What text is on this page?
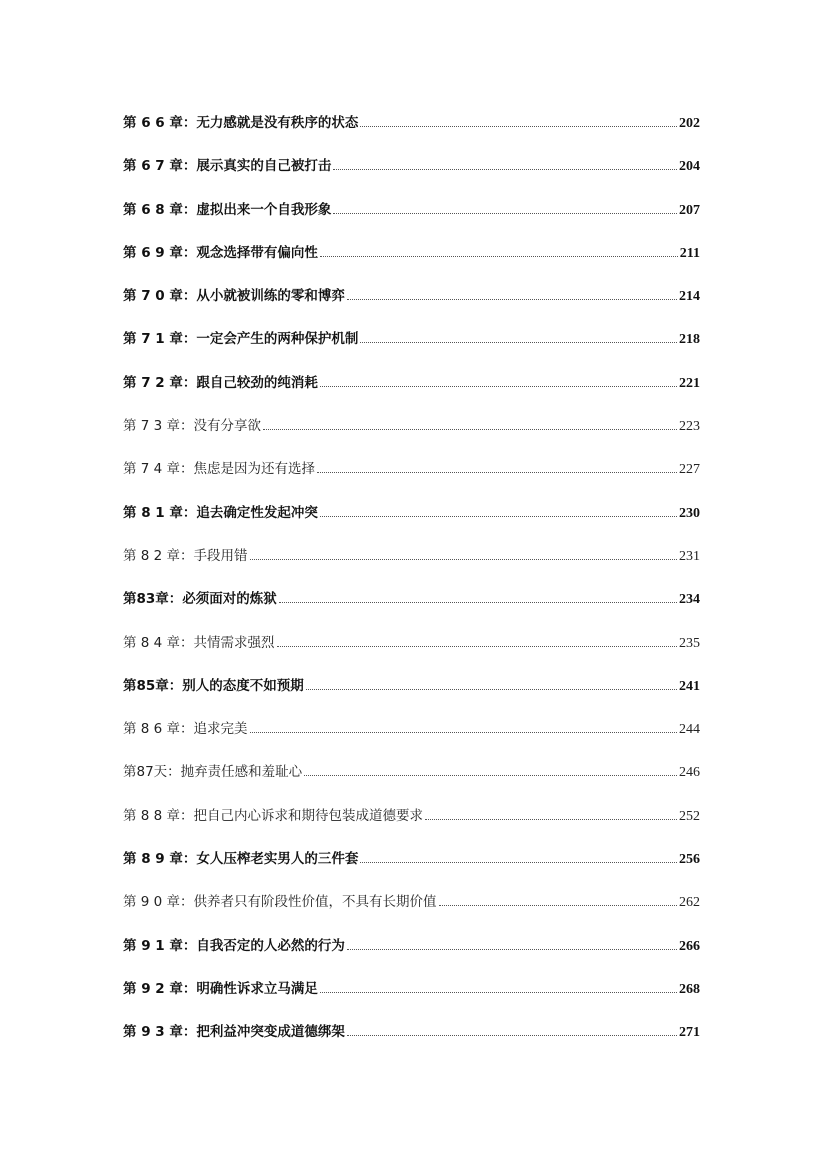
第 6 6 章：无力感就是没有秩序的状态	202
第 6 7 章：展示真实的自己被打击	204
第 6 8 章：虚拟出来一个自我形象	207
第 6 9 章：观念选择带有偏向性	211
第 7 0 章：从小就被训练的零和博弈	214
第 7 1 章：一定会产生的两种保护机制	218
第 7 2 章：跟自己较劲的纯消耗	221
第 7 3 章：没有分享欲	223
第 7 4 章：焦虑是因为还有选择	227
第 8 1 章：追去确定性发起冲突	230
第 8 2 章：手段用错	231
第83章：必须面对的炼狱	234
第 8 4 章：共情需求强烈	235
第85章：别人的态度不如预期	241
第 8 6 章：追求完美	244
第87天：抛弃责任感和羞耻心	246
第 8 8 章：把自己内心诉求和期待包装成道德要求	252
第 8 9 章：女人压榨老实男人的三件套	256
第 9 0 章：供养者只有阶段性价值，不具有长期价值	262
第 9 1 章：自我否定的人必然的行为	266
第 9 2 章：明确性诉求立马满足	268
第 9 3 章：把利益冲突变成道德绑架	271
